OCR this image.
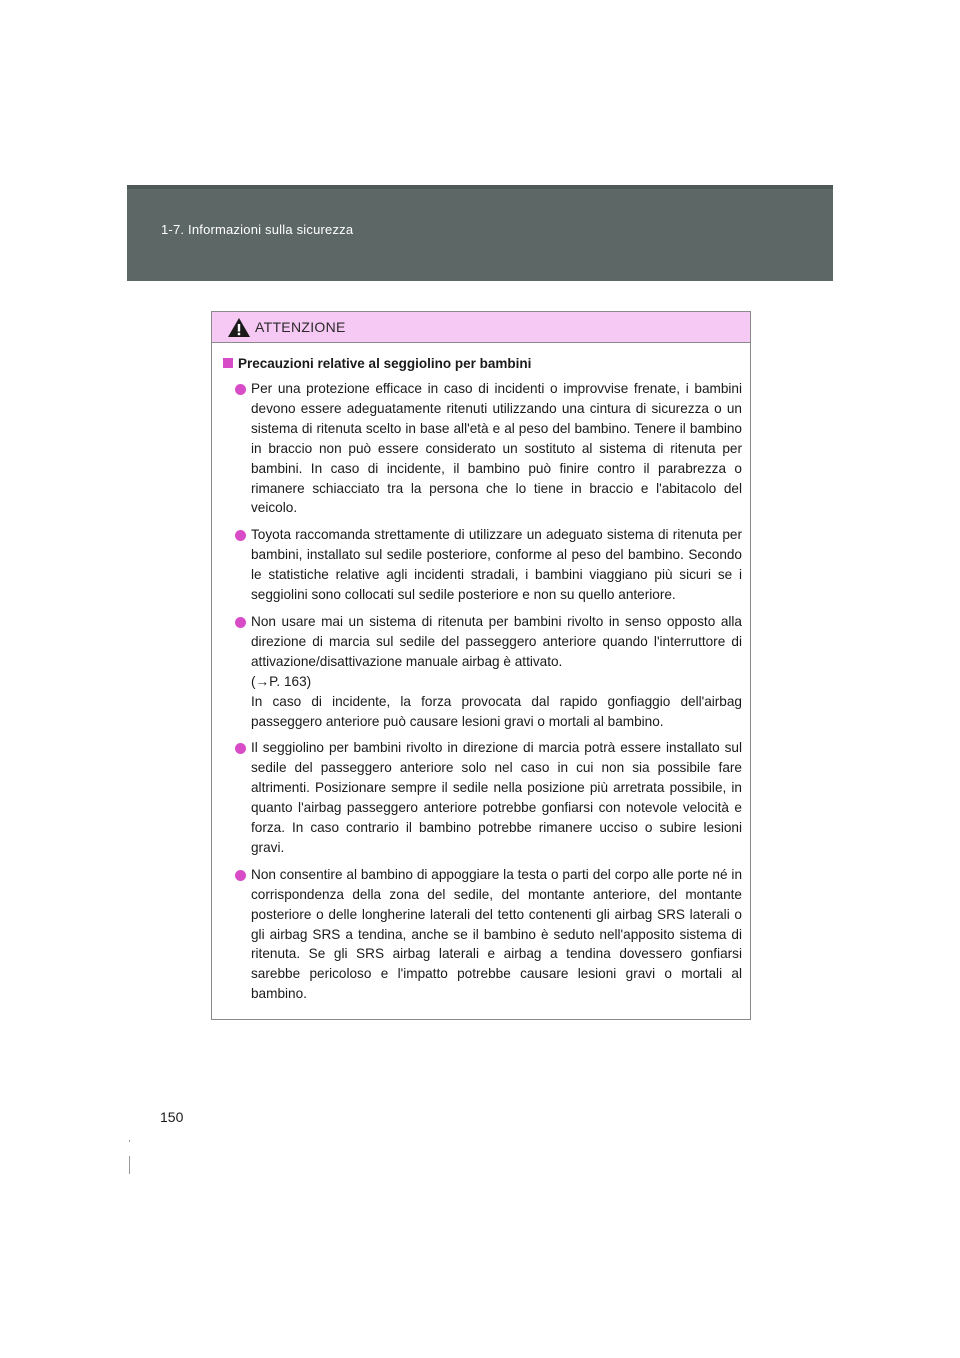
1-7. Informazioni sulla sicurezza
ATTENZIONE
Precauzioni relative al seggiolino per bambini

Per una protezione efficace in caso di incidenti o improvvise frenate, i bambini devono essere adeguatamente ritenuti utilizzando una cintura di sicurezza o un sistema di ritenuta scelto in base all'età e al peso del bambino. Tenere il bambino in braccio non può essere considerato un sostituto al sistema di ritenuta per bambini. In caso di incidente, il bambino può finire contro il parabrezza o rimanere schiacciato tra la persona che lo tiene in braccio e l'abitacolo del veicolo.

Toyota raccomanda strettamente di utilizzare un adeguato sistema di ritenuta per bambini, installato sul sedile posteriore, conforme al peso del bambino. Secondo le statistiche relative agli incidenti stradali, i bambini viaggiano più sicuri se i seggiolini sono collocati sul sedile posteriore e non su quello anteriore.

Non usare mai un sistema di ritenuta per bambini rivolto in senso opposto alla direzione di marcia sul sedile del passeggero anteriore quando l'interruttore di attivazione/disattivazione manuale airbag è attivato.

(→P. 163)

In caso di incidente, la forza provocata dal rapido gonfiaggio dell'airbag passeggero anteriore può causare lesioni gravi o mortali al bambino.

Il seggiolino per bambini rivolto in direzione di marcia potrà essere installato sul sedile del passeggero anteriore solo nel caso in cui non sia possibile fare altrimenti. Posizionare sempre il sedile nella posizione più arretrata possibile, in quanto l'airbag passeggero anteriore potrebbe gonfiarsi con notevole velocità e forza. In caso contrario il bambino potrebbe rimanere ucciso o subire lesioni gravi.

Non consentire al bambino di appoggiare la testa o parti del corpo alle porte né in corrispondenza della zona del sedile, del montante anteriore, del montante posteriore o delle longherine laterali del tetto contenenti gli airbag SRS laterali o gli airbag SRS a tendina, anche se il bambino è seduto nell'apposito sistema di ritenuta. Se gli SRS airbag laterali e airbag a tendina dovessero gonfiarsi sarebbe pericoloso e l'impatto potrebbe causare lesioni gravi o mortali al bambino.

150
